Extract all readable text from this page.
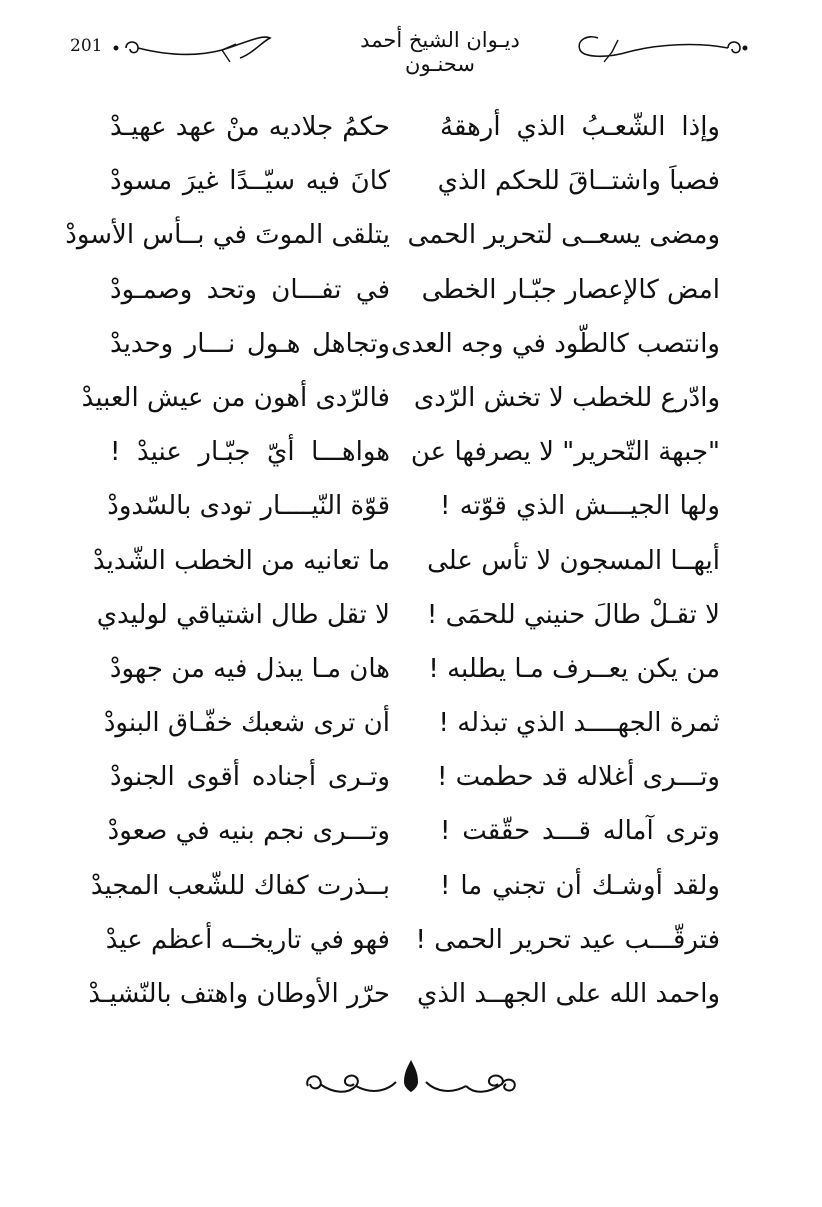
201	ديـوان الشيخ أحمد سحنـون
وإذا الشّعـبُ الذي أرهقهُ
حكمُ جلاديه منْ عهد عهيـدْ
فصباَ واشتــاقَ للحكم الذي
كانَ فيه سيّــدًا غيرَ مسودْ
ومضى يسعــى لتحرير الحمى
يتلقى الموتَ في بــأس الأسودْ
امض كالإعصار جبّـار الخطى
في تفـــان وتحد وصمـودْ
وانتصب كالطّود في وجه العدى
وتجاهل هـول نـــار وحديدْ
وادّرع للخطب لا تخش الرّدى
فالرّدى أهون من عيش العبيدْ
"جبهة التّحرير" لا يصرفها عن
هواهـــا أيّ جبّـار عنيدْ !
ولها الجيـــش الذي قوّته !
قوّة النّيــــار تودى بالسّدودْ
أيهــا المسجون لا تأس على
ما تعانيه من الخطب الشّديدْ
لا تقـلْ طالَ حنيني للحمَى !
لا تقل طال اشتياقي لوليدي
من يكن يعــرف مـا يطلبه !
هان مـا يبذل فيه من جهودْ
ثمرة الجهــــد الذي تبذله !
أن ترى شعبك خفّـاق البنودْ
وتـــرى أغلاله قد حطمت !
وتـرى أجناده أقوى الجنودْ
وترى آماله قـــد حقّقت !
وتـــرى نجم بنيه في صعودْ
ولقد أوشـك أن تجني ما !
بــذرت كفاك للشّعب المجيدْ
فترقّـــب عيد تحرير الحمى !
فهو في تاريخــه أعظم عيدْ
واحمد الله على الجهــد الذي
حرّر الأوطان واهتف بالنّشيـدْ
